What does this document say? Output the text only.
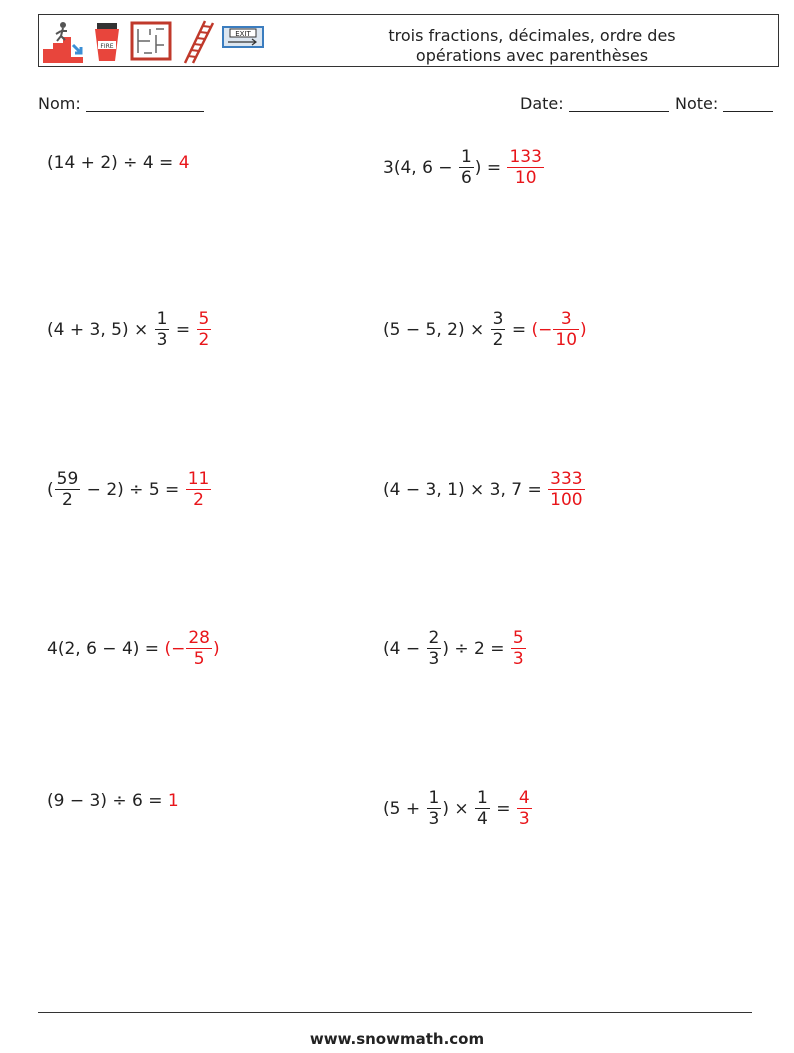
FIRE
EXIT	trois fractions, décimales, ordre des
opérations avec parenthèses
Nom:	Date:	Note:
(14 + 2) ÷ 4 = 4	3(4, $6 - \frac{1}{6}$ ) = $\frac{133}{10}$
(4 + 3, $5) \times \frac{1}{3} = \frac{5}{2}$	(5 − 5, $2) \times \frac{3}{2}$ = (− $\frac{3}{10}$ )
( $\frac{59}{2} - 2) \div 5 = \frac{11}{2}$	(4 − 3, 1) × 3, $7 = \frac{333}{100}$
4(2, 6 − 4) = (− $\frac{28}{5}$ )	($4 - \frac{2}{3}$ ) ÷ $2 = \frac{5}{3}$
(9 − 3) ÷ 6 = 1	($5 + \frac{1}{3}$ ) × $\frac{1}{4} = \frac{4}{3}$
www.snowmath.com
